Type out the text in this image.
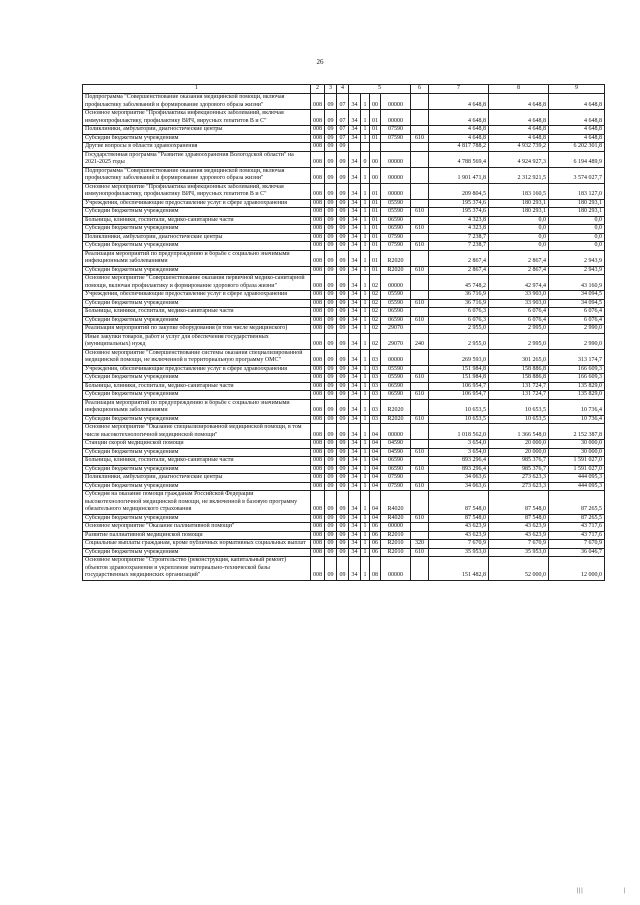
26
1	2	3	4	5				6	7	8	9
Подпрограмма "Совершенствование оказания медицинской помощи, включая профилактику заболеваний и формирование здорового образа жизни"	008	09	07	34	1	00	00000		4 648,8	4 648,8	4 648,8
Основное мероприятие "Профилактика инфекционных заболеваний, включая иммунопрофилактику, профилактику ВИЧ, вирусных гепатитов В и С"	008	09	07	34	1	01	00000		4 648,8	4 648,8	4 648,8
Поликлиники, амбулатории, диагностические центры	008	09	07	34	1	01	07590		4 648,8	4 648,8	4 648,8
Субсидии бюджетным учреждениям	008	09	07	34	1	01	07590	610	4 648,8	4 648,8	4 648,8
Другие вопросы в области здравоохранения	008	09	09						4 817 788,2	4 932 739,2	6 202 301,8
Государственная программа "Развитие здравоохранения Вологодской области" на 2021-2025 годы	008	09	09	34	0	00	00000		4 788 569,4	4 924 927,3	6 194 489,9
Подпрограмма "Совершенствование оказания медицинской помощи, включая профилактику заболеваний и формирование здорового образа жизни"	008	09	09	34	1	00	00000		1 901 471,8	2 312 921,5	3 574 027,7
Основное мероприятие "Профилактика инфекционных заболеваний, включая иммунопрофилактику, профилактику ВИЧ, вирусных гепатитов В и С"	008	09	09	34	1	01	00000		209 804,5	183 160,5	183 127,0
Учреждения, обеспечивающие предоставление услуг в сфере здравоохранения	008	09	09	34	1	01	05590		195 374,6	180 293,1	180 293,1
Субсидии бюджетным учреждениям	008	09	09	34	1	01	05590	610	195 374,6	180 293,1	180 293,1
Больницы, клиники, госпитали, медико-санитарные части	008	09	09	34	1	01	06590		4 323,8	0,0	0,0
Субсидии бюджетным учреждениям	008	09	09	34	1	01	06590	610	4 323,8	0,0	0,0
Поликлиники, амбулатории, диагностические центры	008	09	09	34	1	01	07590		7 238,7	0,0	0,0
Субсидии бюджетным учреждениям	008	09	09	34	1	01	07590	610	7 238,7	0,0	0,0
Реализация мероприятий по предупреждению и борьбе с социально значимыми инфекционными заболеваниями	008	09	09	34	1	01	R2020		2 867,4	2 867,4	2 943,9
Субсидии бюджетным учреждениям	008	09	09	34	1	01	R2020	610	2 867,4	2 867,4	2 943,9
Основное мероприятие "Совершенствование оказания первичной медико-санитарной помощи, включая профилактику и формирование здорового образа жизни"	008	09	09	34	1	02	00000		45 748,2	42 974,4	43 160,9
Учреждения, обеспечивающие предоставление услуг в сфере здравоохранения	008	09	09	34	1	02	05590		36 716,9	33 903,0	34 094,5
Субсидии бюджетным учреждениям	008	09	09	34	1	02	05590	610	36 716,9	33 903,0	34 094,5
Больницы, клиники, госпитали, медико-санитарные части	008	09	09	34	1	02	06590		6 076,3	6 076,4	6 076,4
Субсидии бюджетным учреждениям	008	09	09	34	1	02	06590	610	6 076,3	6 076,4	6 076,4
Реализация мероприятий по закупке оборудования (в том числе медицинского)	008	09	09	34	1	02	29070		2 955,0	2 995,0	2 990,0
Иные закупки товаров, работ и услуг для обеспечения государственных (муниципальных) нужд	008	09	09	34	1	02	29070	240	2 955,0	2 995,0	2 990,0
Основное мероприятие "Совершенствование системы оказания специализированной медицинской помощи, не включенной в территориальную программу ОМС"	008	09	09	34	1	03	00000		269 593,0	301 265,0	313 174,7
Учреждения, обеспечивающие предоставление услуг в сфере здравоохранения	008	09	09	34	1	03	05590		151 984,8	158 886,8	166 609,3
Субсидии бюджетным учреждениям	008	09	09	34	1	03	05590	610	151 984,8	158 886,8	166 609,3
Больницы, клиники, госпитали, медико-санитарные части	008	09	09	34	1	03	06590		106 954,7	131 724,7	135 829,0
Субсидии бюджетным учреждениям	008	09	09	34	1	03	06590	610	106 954,7	131 724,7	135 829,0
Реализация мероприятий по предупреждению и борьбе с социально значимыми инфекционными заболеваниями	008	09	09	34	1	03	R2020		10 653,5	10 653,5	10 736,4
Субсидии бюджетным учреждениям	008	09	09	34	1	03	R2020	610	10 653,5	10 653,5	10 736,4
Основное мероприятие "Оказание специализированной медицинской помощи, в том числе высокотехнологичной медицинской помощи"	008	09	09	34	1	04	00000		1 018 562,0	1 366 548,0	2 152 387,8
Станции скорой медицинской помощи	008	09	09	34	1	04	04590		3 654,0	20 000,0	30 000,0
Субсидии бюджетным учреждениям	008	09	09	34	1	04	04590	610	3 654,0	20 000,0	30 000,0
Больницы, клиники, госпитали, медико-санитарные части	008	09	09	34	1	04	06590		893 296,4	985 376,7	1 591 027,0
Субсидии бюджетным учреждениям	008	09	09	34	1	04	06590	610	893 296,4	985 376,7	1 591 027,0
Поликлиники, амбулатории, диагностические центры	008	09	09	34	1	04	07590		34 063,6	273 623,3	444 095,3
Субсидии бюджетным учреждениям	008	09	09	34	1	04	07590	610	34 063,6	273 623,3	444 095,3
Субсидия на оказание помощи гражданам Российской Федерации высокотехнологичной медицинской помощи, не включенной в базовую программу обязательного медицинского страхования	008	09	09	34	1	04	R4020		87 548,0	87 548,0	87 265,5
Субсидии бюджетным учреждениям	008	09	09	34	1	04	R4020	610	87 548,0	87 548,0	87 265,5
Основное мероприятие "Оказание паллиативной помощи"	008	09	09	34	1	06	00000		43 623,9	43 623,9	43 717,6
Развитие паллиативной медицинской помощи	008	09	09	34	1	06	R2010		43 623,9	43 623,9	43 717,6
Социальные выплаты гражданам, кроме публичных нормативных социальных выплат	008	09	09	34	1	06	R2010	320	7 670,9	7 670,9	7 670,9
Субсидии бюджетным учреждениям	008	09	09	34	1	06	R2010	610	35 953,0	35 953,0	36 046,7
Основное мероприятие "Строительство (реконструкция, капитальный ремонт) объектов здравоохранения и укрепление материально-технической базы государственных медицинских организаций"	008	09	09	34	1	08	00000		151 482,8	52 000,0	12 000,0
|||	|
